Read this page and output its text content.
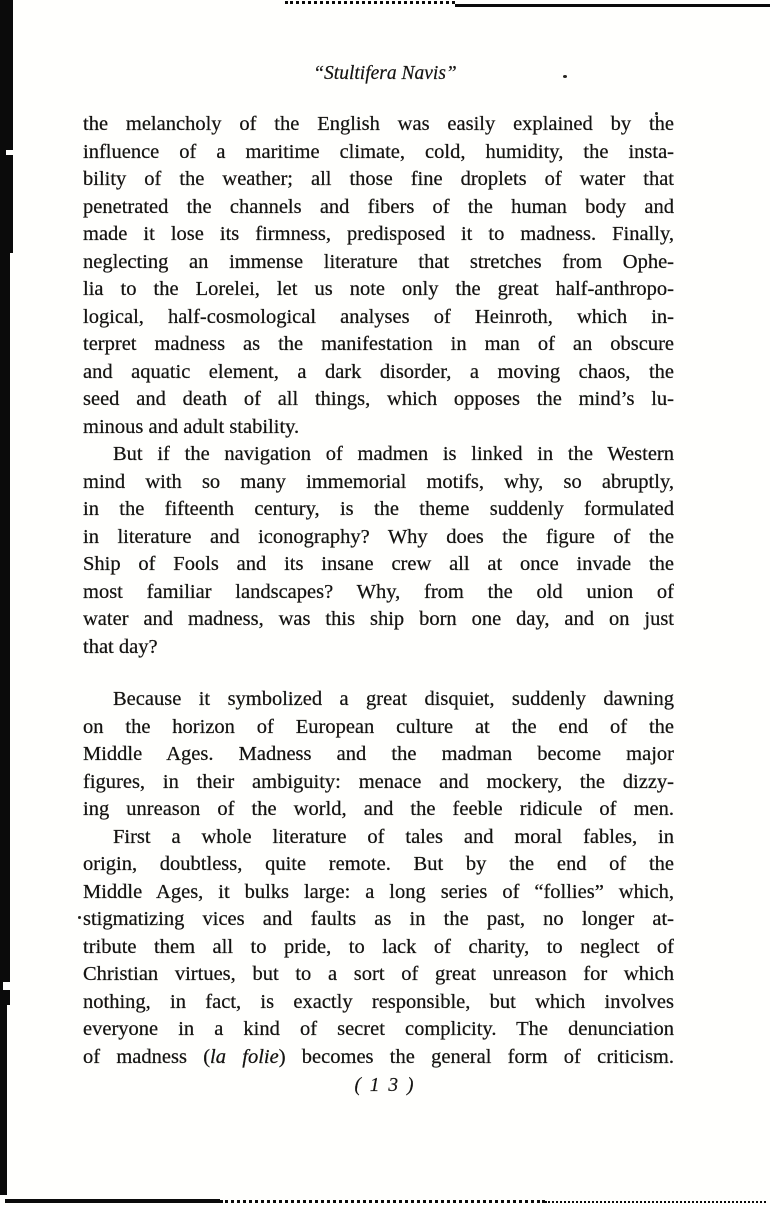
“Stultifera Navis”
the melancholy of the English was easily explained by the
influence of a maritime climate, cold, humidity, the insta-
bility of the weather; all those fine droplets of water that
penetrated the channels and fibers of the human body and
made it lose its firmness, predisposed it to madness. Finally,
neglecting an immense literature that stretches from Ophe-
lia to the Lorelei, let us note only the great half-anthropo-
logical, half-cosmological analyses of Heinroth, which in-
terpret madness as the manifestation in man of an obscure
and aquatic element, a dark disorder, a moving chaos, the
seed and death of all things, which opposes the mind’s lu-
minous and adult stability.
But if the navigation of madmen is linked in the Western
mind with so many immemorial motifs, why, so abruptly,
in the fifteenth century, is the theme suddenly formulated
in literature and iconography? Why does the figure of the
Ship of Fools and its insane crew all at once invade the
most familiar landscapes? Why, from the old union of
water and madness, was this ship born one day, and on just
that day?
Because it symbolized a great disquiet, suddenly dawning
on the horizon of European culture at the end of the
Middle Ages. Madness and the madman become major
figures, in their ambiguity: menace and mockery, the dizzy-
ing unreason of the world, and the feeble ridicule of men.
First a whole literature of tales and moral fables, in
origin, doubtless, quite remote. But by the end of the
Middle Ages, it bulks large: a long series of “follies” which,
stigmatizing vices and faults as in the past, no longer at-
tribute them all to pride, to lack of charity, to neglect of
Christian virtues, but to a sort of great unreason for which
nothing, in fact, is exactly responsible, but which involves
everyone in a kind of secret complicity. The denunciation
of madness (la folie) becomes the general form of criticism.
( 1 3 )
